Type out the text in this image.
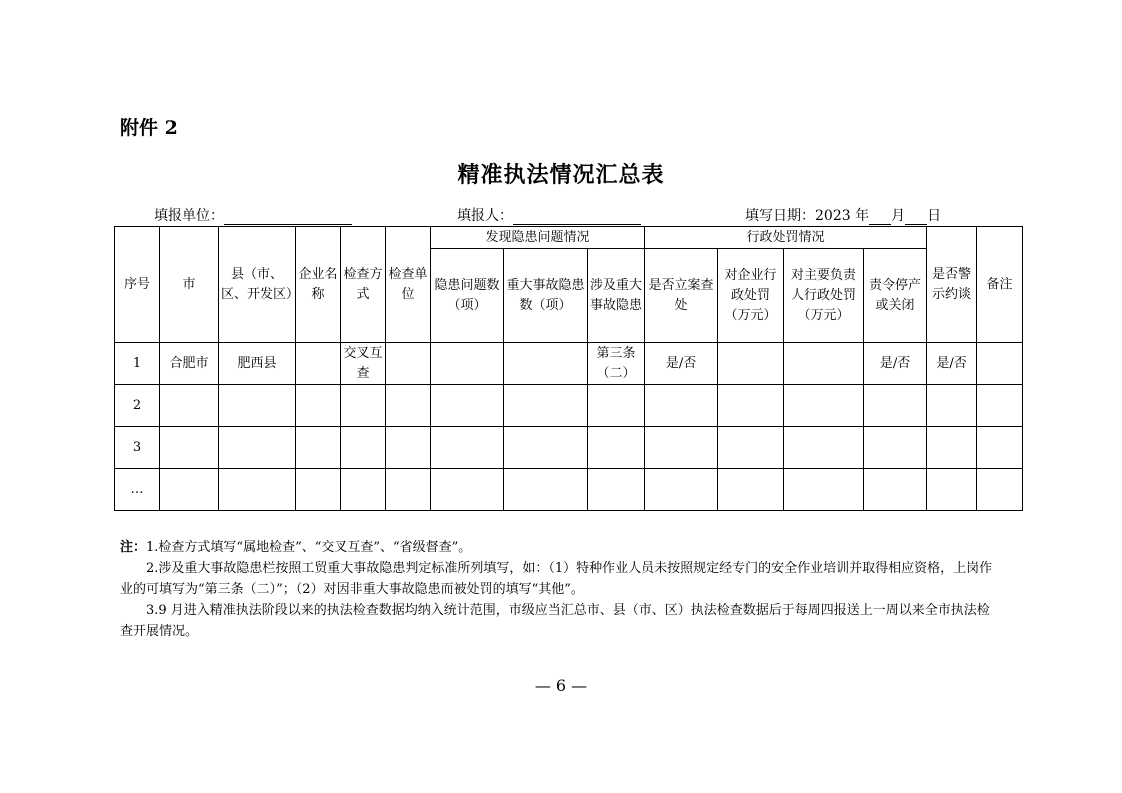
附件 2
精准执法情况汇总表
填报单位：	填报人：	填写日期：2023 年 月 日
序号	市	县（市、区、开发区）	企业名称	检查方式	检查单位	发现隐患问题情况			行政处罚情况				是否警示约谈	备注
						隐患问题数（项）	重大事故隐患数（项）	涉及重大事故隐患	是否立案查处	对企业行政处罚（万元）	对主要负责人行政处罚（万元）	责令停产或关闭		
1	合肥市	肥西县		交叉互查				第三条（二）	是/否			是/否	是/否	
2														
3														
…														

注：1.检查方式填写“属地检查”、“交叉互查”、“省级督查”。

2.涉及重大事故隐患栏按照工贸重大事故隐患判定标准所列填写，如：（1）特种作业人员未按照规定经专门的安全作业培训并取得相应资格，上岗作业的可填写为“第三条（二）”；（2）对因非重大事故隐患而被处罚的填写“其他”。

3.9 月进入精准执法阶段以来的执法检查数据均纳入统计范围，市级应当汇总市、县（市、区）执法检查数据后于每周四报送上一周以来全市执法检查开展情况。

— 6 —
